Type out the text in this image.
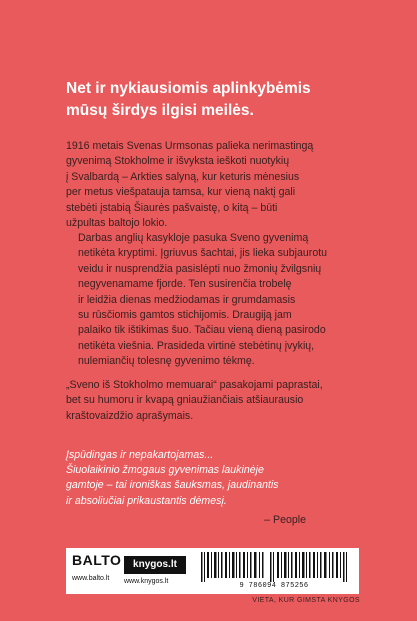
Net ir nykiausiomis aplinkybėmis
mūsų širdys ilgisi meilės.
1916 metais Svenas Urmsonas palieka nerimastingą
gyvenimą Stokholme ir išvyksta ieškoti nuotykių
į Svalbardą – Arkties salyną, kur keturis mėnesius
per metus viešpatauja tamsa, kur vieną naktį gali
stebėti įstabią Šiaurės pašvaistę, o kitą – būti
užpultas baltojo lokio.
Darbas anglių kasykloje pasuka Sveno gyvenimą
netikėta kryptimi. Įgriuvus šachtai, jis lieka subjaurotu
veidu ir nusprendžia pasislėpti nuo žmonių žvilgsnių
negyvenamame fjorde. Ten susirenčia trobelę
ir leidžia dienas medžiodamas ir grumdamasis
su rūsčiomis gamtos stichijomis. Draugiją jam
palaiko tik ištikimas šuo. Tačiau vieną dieną pasirodo
netikėta viešnia. Prasideda virtinė stebėtinų įvykių,
nulemiančių tolesnę gyvenimo tėkmę.
„Sveno iš Stokholmo memuarai“ pasakojami paprastai,
bet su humoru ir kvapą gniaužiančiais atšiaurausio
kraštovaizdžio aprašymais.
Įspūdingas ir nepakartojamas...
Šiuolaikinio žmogaus gyvenimas laukinėje
gamtoje – tai ironiškas šauksmas, jaudinantis
ir absoliučiai prikaustantis dėmesį.
– People
BALTO
www.balto.lt
knygos.lt
www.knygos.lt
9 786094 875256
VIETA, KUR GIMSTA KNYGOS
